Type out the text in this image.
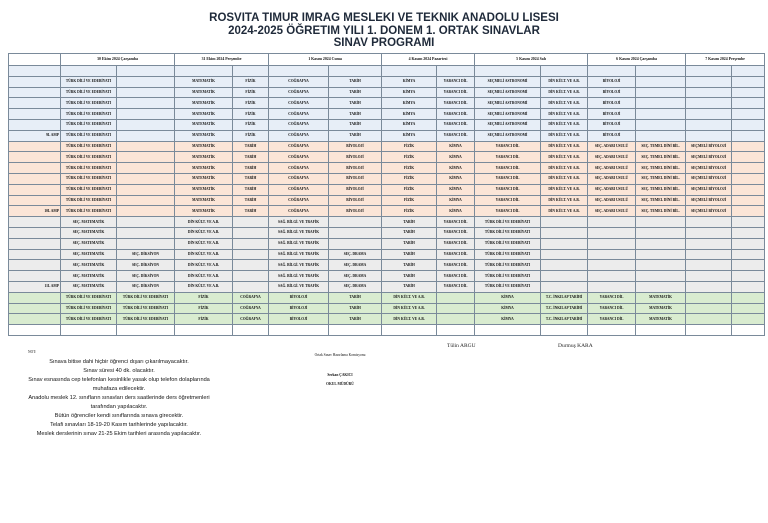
ROSVITA TIMUR IMRAG MESLEKI VE TEKNIK ANADOLU LISESI
2024-2025 ÖĞRETIM YILI 1. DONEM 1. ORTAK SINAVLAR
SINAV PROGRAMI
	30 Ekim 2024 Çarşamba		31 Ekim 2024 Perşembe		1 Kasım 2024 Cuma		4 Kasım 2024 Pazartesi		5 Kasım 2024 Salı		6 Kasım 2024 Çarşamba		7 Kasım 2024 Perşembe	

	TÜRK DİLİ VE EDEBİYATI		MATEMATİK	FİZİK	COĞRAFYA	TARİH	KİMYA	YABANCI DİL	SEÇMELİ ASTRONOMİ	DİN KÜLT. VE A.B.	BİYOLOJİ			
	TÜRK DİLİ VE EDEBİYATI		MATEMATİK	FİZİK	COĞRAFYA	TARİH	KİMYA	YABANCI DİL	SEÇMELİ ASTRONOMİ	DİN KÜLT. VE A.B.	BİYOLOJİ			
	TÜRK DİLİ VE EDEBİYATI		MATEMATİK	FİZİK	COĞRAFYA	TARİH	KİMYA	YABANCI DİL	SEÇMELİ ASTRONOMİ	DİN KÜLT. VE A.B.	BİYOLOJİ			
	TÜRK DİLİ VE EDEBİYATI		MATEMATİK	FİZİK	COĞRAFYA	TARİH	KİMYA	YABANCI DİL	SEÇMELİ ASTRONOMİ	DİN KÜLT. VE A.B.	BİYOLOJİ			
	TÜRK DİLİ VE EDEBİYATI		MATEMATİK	FİZİK	COĞRAFYA	TARİH	KİMYA	YABANCI DİL	SEÇMELİ ASTRONOMİ	DİN KÜLT. VE A.B.	BİYOLOJİ			
9L AMP	TÜRK DİLİ VE EDEBİYATI		MATEMATİK	FİZİK	COĞRAFYA	TARİH	KİMYA	YABANCI DİL	SEÇMELİ ASTRONOMİ	DİN KÜLT. VE A.B.	BİYOLOJİ			
	TÜRK DİLİ VE EDEBİYATI		MATEMATİK	TARİH	COĞRAFYA	BİYOLOJİ	FİZİK	KİMYA	YABANCI DİL	DİN KÜLT. VE A.B.	SEÇ. ADABI USULÜ	SEÇ. TEMEL DİNİ BİL.	SEÇMELİ BİYOLOJİ	
	TÜRK DİLİ VE EDEBİYATI		MATEMATİK	TARİH	COĞRAFYA	BİYOLOJİ	FİZİK	KİMYA	YABANCI DİL	DİN KÜLT. VE A.B.	SEÇ. ADABI USULÜ	SEÇ. TEMEL DİNİ BİL.	SEÇMELİ BİYOLOJİ	
	TÜRK DİLİ VE EDEBİYATI		MATEMATİK	TARİH	COĞRAFYA	BİYOLOJİ	FİZİK	KİMYA	YABANCI DİL	DİN KÜLT. VE A.B.	SEÇ. ADABI USULÜ	SEÇ. TEMEL DİNİ BİL.	SEÇMELİ BİYOLOJİ	
	TÜRK DİLİ VE EDEBİYATI		MATEMATİK	TARİH	COĞRAFYA	BİYOLOJİ	FİZİK	KİMYA	YABANCI DİL	DİN KÜLT. VE A.B.	SEÇ. ADABI USULÜ	SEÇ. TEMEL DİNİ BİL.	SEÇMELİ BİYOLOJİ	
	TÜRK DİLİ VE EDEBİYATI		MATEMATİK	TARİH	COĞRAFYA	BİYOLOJİ	FİZİK	KİMYA	YABANCI DİL	DİN KÜLT. VE A.B.	SEÇ. ADABI USULÜ	SEÇ. TEMEL DİNİ BİL.	SEÇMELİ BİYOLOJİ	
	TÜRK DİLİ VE EDEBİYATI		MATEMATİK	TARİH	COĞRAFYA	BİYOLOJİ	FİZİK	KİMYA	YABANCI DİL	DİN KÜLT. VE A.B.	SEÇ. ADABI USULÜ	SEÇ. TEMEL DİNİ BİL.	SEÇMELİ BİYOLOJİ	
10L AMP	TÜRK DİLİ VE EDEBİYATI		MATEMATİK	TARİH	COĞRAFYA	BİYOLOJİ	FİZİK	KİMYA	YABANCI DİL	DİN KÜLT. VE A.B.	SEÇ. ADABI USULÜ	SEÇ. TEMEL DİNİ BİL.	SEÇMELİ BİYOLOJİ	
	SEÇ. MATEMATİK		DİN KÜLT. VE A.B.		SAĞ. BİLGİ. VE TRAFİK		TARİH	YABANCI DİL	TÜRK DİLİ VE EDEBİYATI					
	SEÇ. MATEMATİK		DİN KÜLT. VE A.B.		SAĞ. BİLGİ. VE TRAFİK		TARİH	YABANCI DİL	TÜRK DİLİ VE EDEBİYATI					
	SEÇ. MATEMATİK		DİN KÜLT. VE A.B.		SAĞ. BİLGİ. VE TRAFİK		TARİH	YABANCI DİL	TÜRK DİLİ VE EDEBİYATI					
	SEÇ. MATEMATİK	SEÇ. DİKSİYON	DİN KÜLT. VE A.B.		SAĞ. BİLGİ. VE TRAFİK	SEÇ. DRAMA	TARİH	YABANCI DİL	TÜRK DİLİ VE EDEBİYATI					
	SEÇ. MATEMATİK	SEÇ. DİKSİYON	DİN KÜLT. VE A.B.		SAĞ. BİLGİ. VE TRAFİK	SEÇ. DRAMA	TARİH	YABANCI DİL	TÜRK DİLİ VE EDEBİYATI					
	SEÇ. MATEMATİK	SEÇ. DİKSİYON	DİN KÜLT. VE A.B.		SAĞ. BİLGİ. VE TRAFİK	SEÇ. DRAMA	TARİH	YABANCI DİL	TÜRK DİLİ VE EDEBİYATI					
11L AMP	SEÇ. MATEMATİK	SEÇ. DİKSİYON	DİN KÜLT. VE A.B.		SAĞ. BİLGİ. VE TRAFİK	SEÇ. DRAMA	TARİH	YABANCI DİL	TÜRK DİLİ VE EDEBİYATI					
	TÜRK DİLİ VE EDEBİYATI	TÜRK DİLİ VE EDEBİYATI	FİZİK	COĞRAFYA	BİYOLOJİ	TARİH	DİN KÜLT. VE A.B.		KİMYA	T.C. İNKILAP TARİHİ	YABANCI DİL	MATEMATİK		
	TÜRK DİLİ VE EDEBİYATI	TÜRK DİLİ VE EDEBİYATI	FİZİK	COĞRAFYA	BİYOLOJİ	TARİH	DİN KÜLT. VE A.B.		KİMYA	T.C. İNKILAP TARİHİ	YABANCI DİL	MATEMATİK		
	TÜRK DİLİ VE EDEBİYATI	TÜRK DİLİ VE EDEBİYATI	FİZİK	COĞRAFYA	BİYOLOJİ	TARİH	DİN KÜLT. VE A.B.		KİMYA	T.C. İNKILAP TARİHİ	YABANCI DİL	MATEMATİK		

Tülin ARGU	Durmuş KARA
Ortak Sınav Hazırlama Komisyonu
Serkan ÇAKICI
OKUL MÜDÜRÜ
NOT:
Sınava bitise dahi hiçbir öğrenci dışarı çıkarılmayacaktır.
Sınav süresi 40 dk. olacaktır.
Sınav esnasında cep telefonları kesinlikle yasak olup telefon dolaplarında
muhafaza edilecektir.
Anadolu meslek 12. sınıfların sınavları ders saatlerinde ders öğretmenleri
tarafından yapılacaktır.
Bütün öğrenciler kendi sınıflarında sınava girecektir.
Telafi sınavları 18-19-20 Kasım tarihlerinde yapılacaktır.
Meslek derslerinin sınav 21-25 Ekim tarihleri arasında yapılacaktır.
